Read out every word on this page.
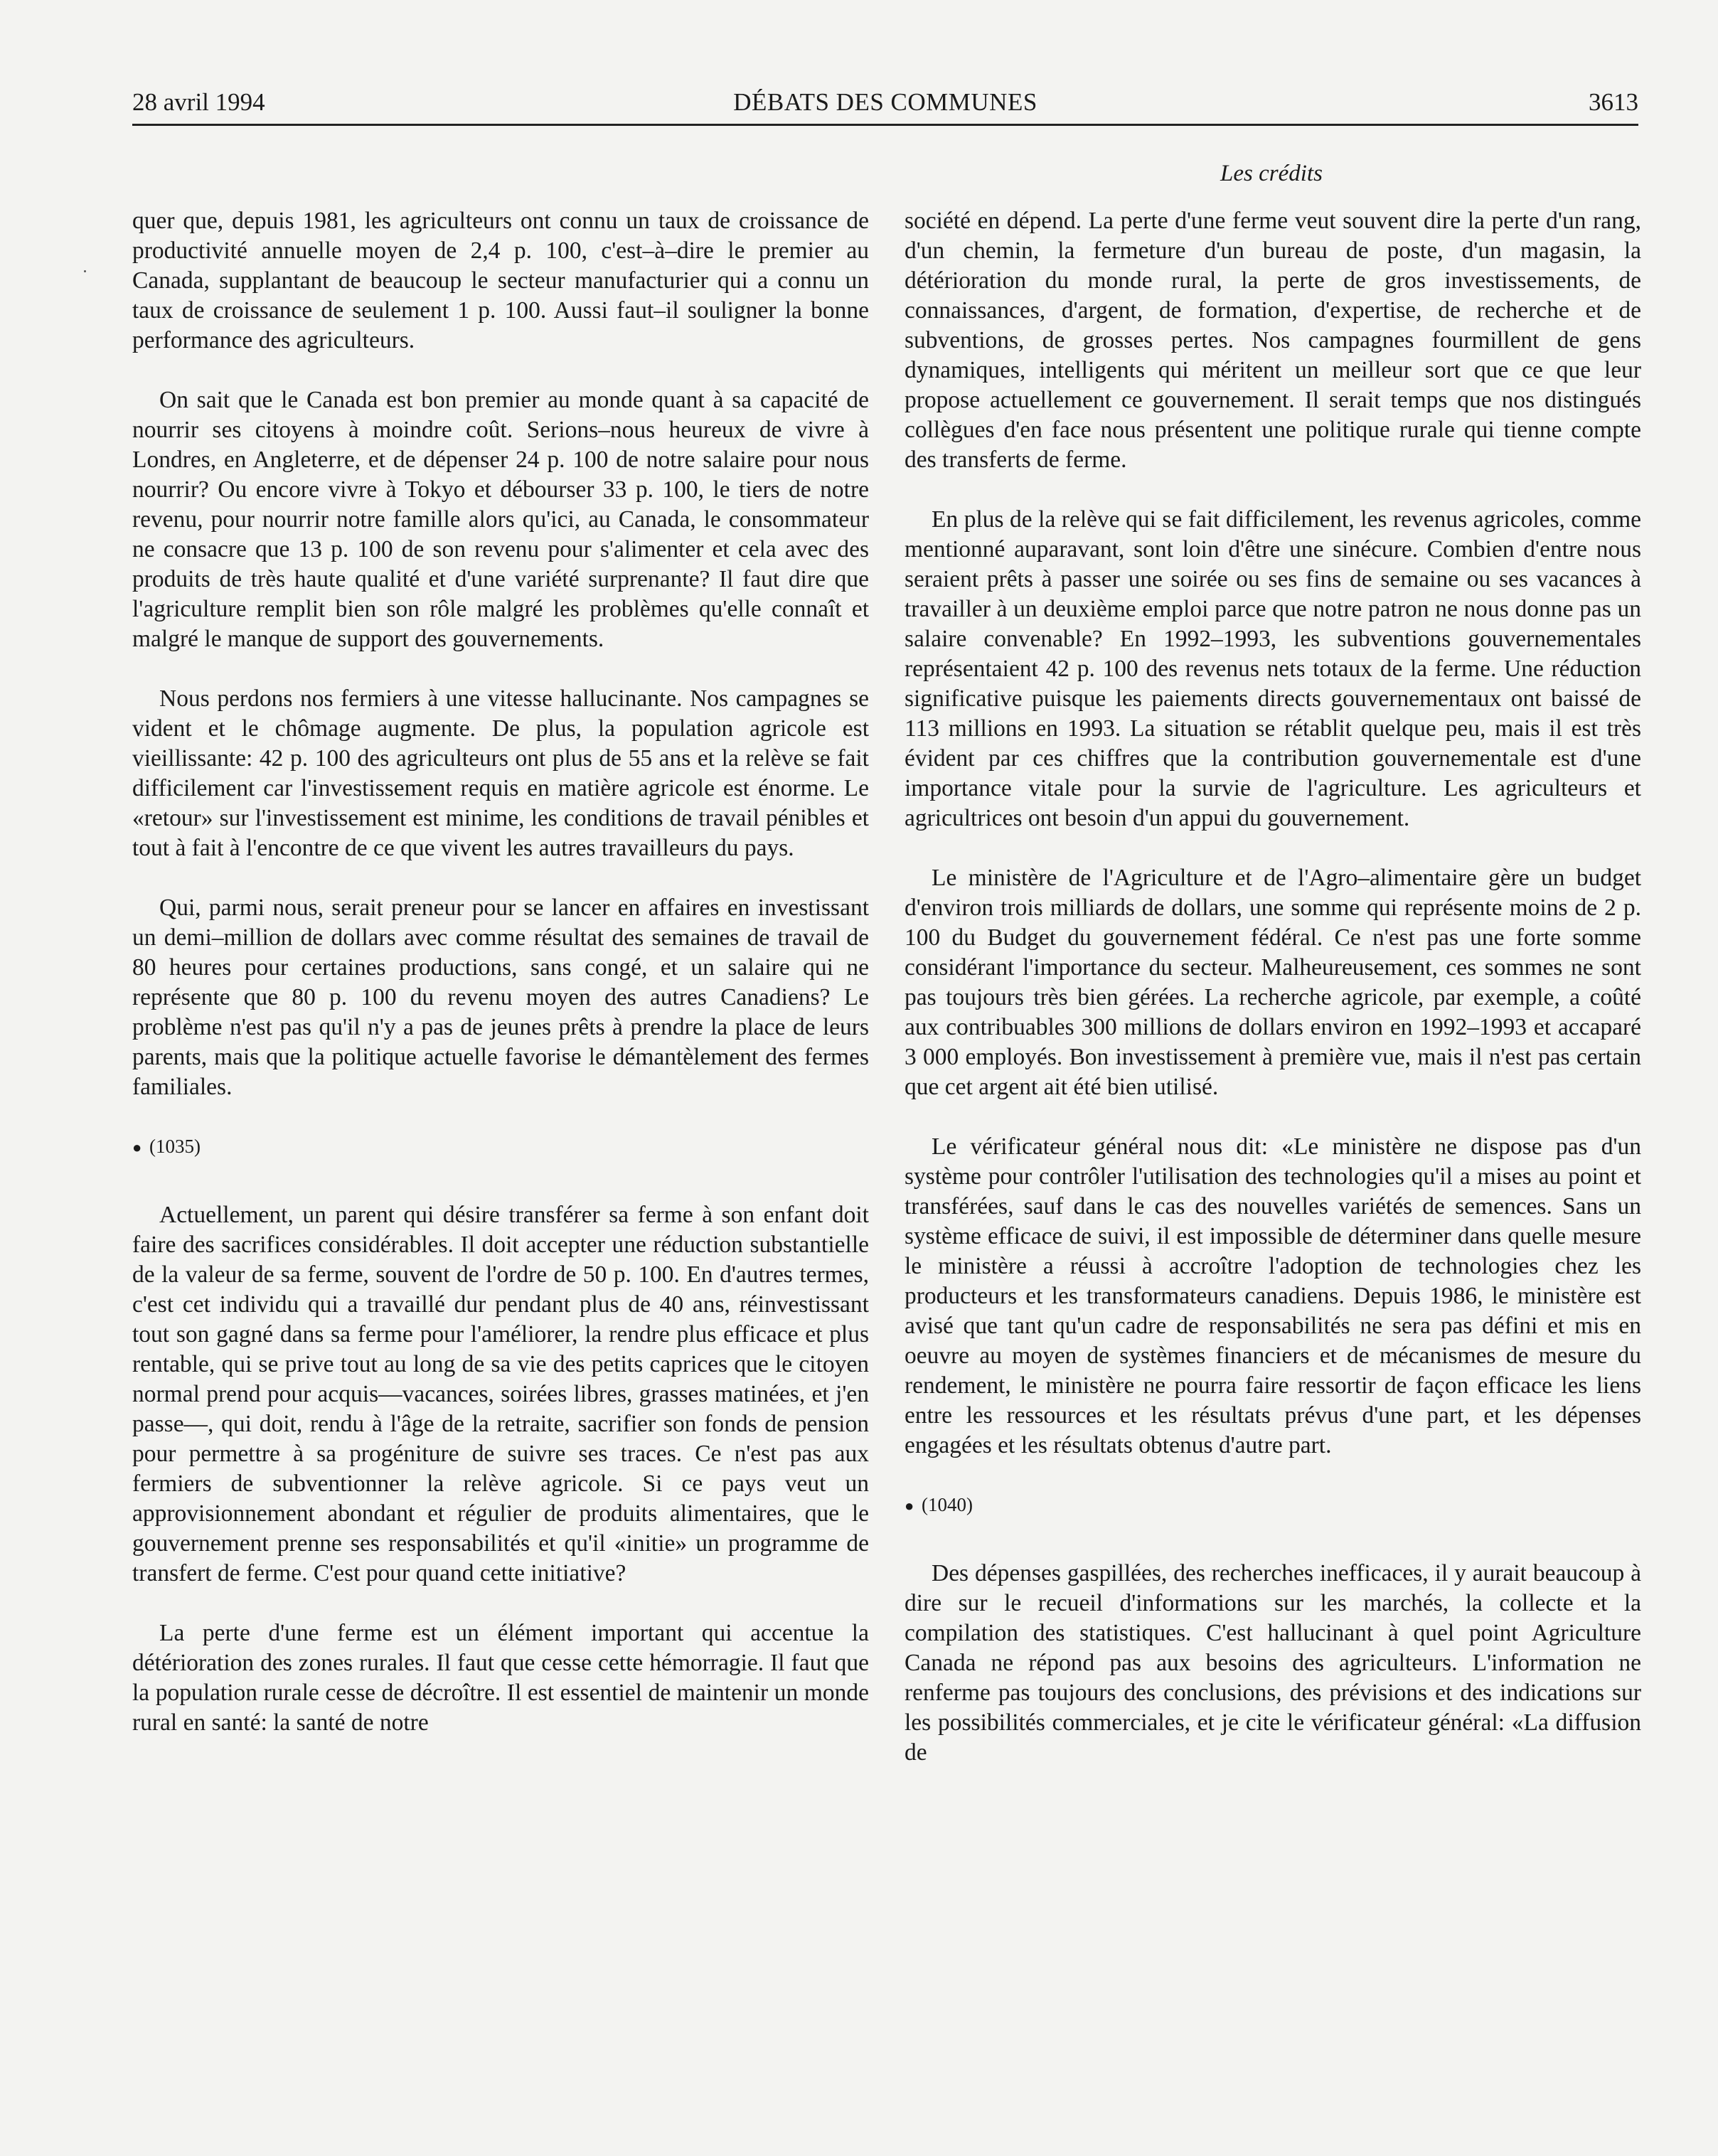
28 avril 1994	DÉBATS DES COMMUNES	3613
Les crédits

quer que, depuis 1981, les agriculteurs ont connu un taux de croissance de productivité annuelle moyen de 2,4 p. 100, c'est–à–dire le premier au Canada, supplantant de beaucoup le secteur manufacturier qui a connu un taux de croissance de seulement 1 p. 100. Aussi faut–il souligner la bonne performance des agriculteurs.

On sait que le Canada est bon premier au monde quant à sa capacité de nourrir ses citoyens à moindre coût. Serions–nous heureux de vivre à Londres, en Angleterre, et de dépenser 24 p. 100 de notre salaire pour nous nourrir? Ou encore vivre à Tokyo et débourser 33 p. 100, le tiers de notre revenu, pour nourrir notre famille alors qu'ici, au Canada, le consommateur ne consacre que 13 p. 100 de son revenu pour s'alimenter et cela avec des produits de très haute qualité et d'une variété surprenante? Il faut dire que l'agriculture remplit bien son rôle malgré les problèmes qu'elle connaît et malgré le manque de support des gouvernements.

Nous perdons nos fermiers à une vitesse hallucinante. Nos campagnes se vident et le chômage augmente. De plus, la population agricole est vieillissante: 42 p. 100 des agriculteurs ont plus de 55 ans et la relève se fait difficilement car l'investissement requis en matière agricole est énorme. Le «retour» sur l'investissement est minime, les conditions de travail pénibles et tout à fait à l'encontre de ce que vivent les autres travailleurs du pays.

Qui, parmi nous, serait preneur pour se lancer en affaires en investissant un demi–million de dollars avec comme résultat des semaines de travail de 80 heures pour certaines productions, sans congé, et un salaire qui ne représente que 80 p. 100 du revenu moyen des autres Canadiens? Le problème n'est pas qu'il n'y a pas de jeunes prêts à prendre la place de leurs parents, mais que la politique actuelle favorise le démantèlement des fermes familiales.

● (1035)

Actuellement, un parent qui désire transférer sa ferme à son enfant doit faire des sacrifices considérables. Il doit accepter une réduction substantielle de la valeur de sa ferme, souvent de l'ordre de 50 p. 100. En d'autres termes, c'est cet individu qui a travaillé dur pendant plus de 40 ans, réinvestissant tout son gagné dans sa ferme pour l'améliorer, la rendre plus efficace et plus rentable, qui se prive tout au long de sa vie des petits caprices que le citoyen normal prend pour acquis—vacances, soirées libres, grasses matinées, et j'en passe—, qui doit, rendu à l'âge de la retraite, sacrifier son fonds de pension pour permettre à sa progéniture de suivre ses traces. Ce n'est pas aux fermiers de subventionner la relève agricole. Si ce pays veut un approvisionnement abondant et régulier de produits alimentaires, que le gouvernement prenne ses responsabilités et qu'il «initie» un programme de transfert de ferme. C'est pour quand cette initiative?

La perte d'une ferme est un élément important qui accentue la détérioration des zones rurales. Il faut que cesse cette hémorragie. Il faut que la population rurale cesse de décroître. Il est essentiel de maintenir un monde rural en santé: la santé de notre

société en dépend. La perte d'une ferme veut souvent dire la perte d'un rang, d'un chemin, la fermeture d'un bureau de poste, d'un magasin, la détérioration du monde rural, la perte de gros investissements, de connaissances, d'argent, de formation, d'expertise, de recherche et de subventions, de grosses pertes. Nos campagnes fourmillent de gens dynamiques, intelligents qui méritent un meilleur sort que ce que leur propose actuellement ce gouvernement. Il serait temps que nos distingués collègues d'en face nous présentent une politique rurale qui tienne compte des transferts de ferme.

En plus de la relève qui se fait difficilement, les revenus agricoles, comme mentionné auparavant, sont loin d'être une sinécure. Combien d'entre nous seraient prêts à passer une soirée ou ses fins de semaine ou ses vacances à travailler à un deuxième emploi parce que notre patron ne nous donne pas un salaire convenable? En 1992–1993, les subventions gouvernementales représentaient 42 p. 100 des revenus nets totaux de la ferme. Une réduction significative puisque les paiements directs gouvernementaux ont baissé de 113 millions en 1993. La situation se rétablit quelque peu, mais il est très évident par ces chiffres que la contribution gouvernementale est d'une importance vitale pour la survie de l'agriculture. Les agriculteurs et agricultrices ont besoin d'un appui du gouvernement.

Le ministère de l'Agriculture et de l'Agro–alimentaire gère un budget d'environ trois milliards de dollars, une somme qui représente moins de 2 p. 100 du Budget du gouvernement fédéral. Ce n'est pas une forte somme considérant l'importance du secteur. Malheureusement, ces sommes ne sont pas toujours très bien gérées. La recherche agricole, par exemple, a coûté aux contribuables 300 millions de dollars environ en 1992–1993 et accaparé 3 000 employés. Bon investissement à première vue, mais il n'est pas certain que cet argent ait été bien utilisé.

Le vérificateur général nous dit: «Le ministère ne dispose pas d'un système pour contrôler l'utilisation des technologies qu'il a mises au point et transférées, sauf dans le cas des nouvelles variétés de semences. Sans un système efficace de suivi, il est impossible de déterminer dans quelle mesure le ministère a réussi à accroître l'adoption de technologies chez les producteurs et les transformateurs canadiens. Depuis 1986, le ministère est avisé que tant qu'un cadre de responsabilités ne sera pas défini et mis en oeuvre au moyen de systèmes financiers et de mécanismes de mesure du rendement, le ministère ne pourra faire ressortir de façon efficace les liens entre les ressources et les résultats prévus d'une part, et les dépenses engagées et les résultats obtenus d'autre part.

● (1040)

Des dépenses gaspillées, des recherches inefficaces, il y aurait beaucoup à dire sur le recueil d'informations sur les marchés, la collecte et la compilation des statistiques. C'est hallucinant à quel point Agriculture Canada ne répond pas aux besoins des agriculteurs. L'information ne renferme pas toujours des conclusions, des prévisions et des indications sur les possibilités commerciales, et je cite le vérificateur général: «La diffusion de
